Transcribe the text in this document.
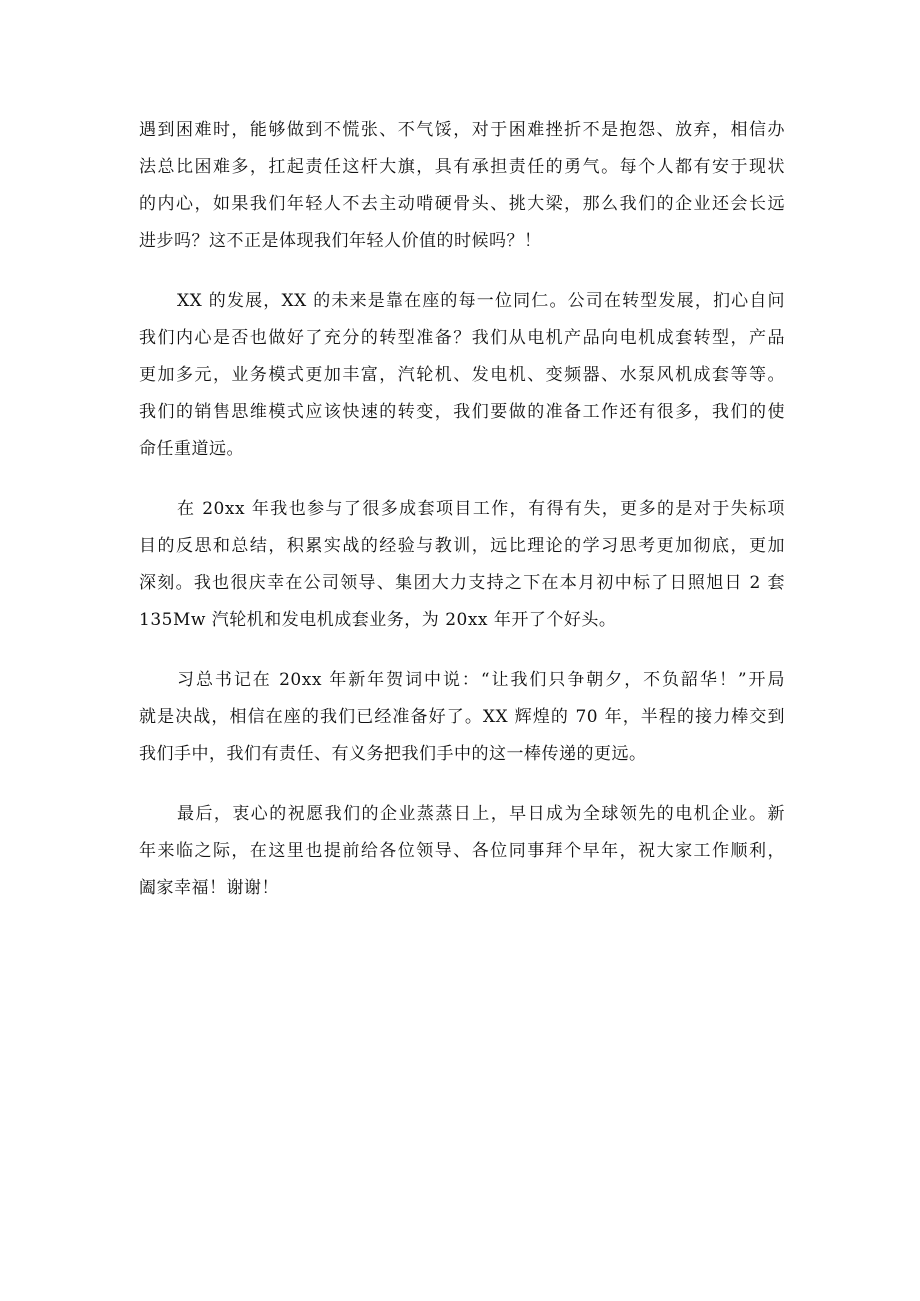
遇到困难时，能够做到不慌张、不气馁，对于困难挫折不是抱怨、放弃，相信办
法总比困难多，扛起责任这杆大旗，具有承担责任的勇气。每个人都有安于现状
的内心，如果我们年轻人不去主动啃硬骨头、挑大梁，那么我们的企业还会长远
进步吗？这不正是体现我们年轻人价值的时候吗？！
XX 的发展，XX 的未来是靠在座的每一位同仁。公司在转型发展，扪心自问
我们内心是否也做好了充分的转型准备？我们从电机产品向电机成套转型，产品
更加多元，业务模式更加丰富，汽轮机、发电机、变频器、水泵风机成套等等。
我们的销售思维模式应该快速的转变，我们要做的准备工作还有很多，我们的使
命任重道远。
在 20xx 年我也参与了很多成套项目工作，有得有失，更多的是对于失标项
目的反思和总结，积累实战的经验与教训，远比理论的学习思考更加彻底，更加
深刻。我也很庆幸在公司领导、集团大力支持之下在本月初中标了日照旭日 2 套
135Mw 汽轮机和发电机成套业务，为 20xx 年开了个好头。
习总书记在 20xx 年新年贺词中说：“让我们只争朝夕，不负韶华！”开局
就是决战，相信在座的我们已经准备好了。XX 辉煌的 70 年，半程的接力棒交到
我们手中，我们有责任、有义务把我们手中的这一棒传递的更远。
最后，衷心的祝愿我们的企业蒸蒸日上，早日成为全球领先的电机企业。新
年来临之际，在这里也提前给各位领导、各位同事拜个早年，祝大家工作顺利，
阖家幸福！谢谢！
